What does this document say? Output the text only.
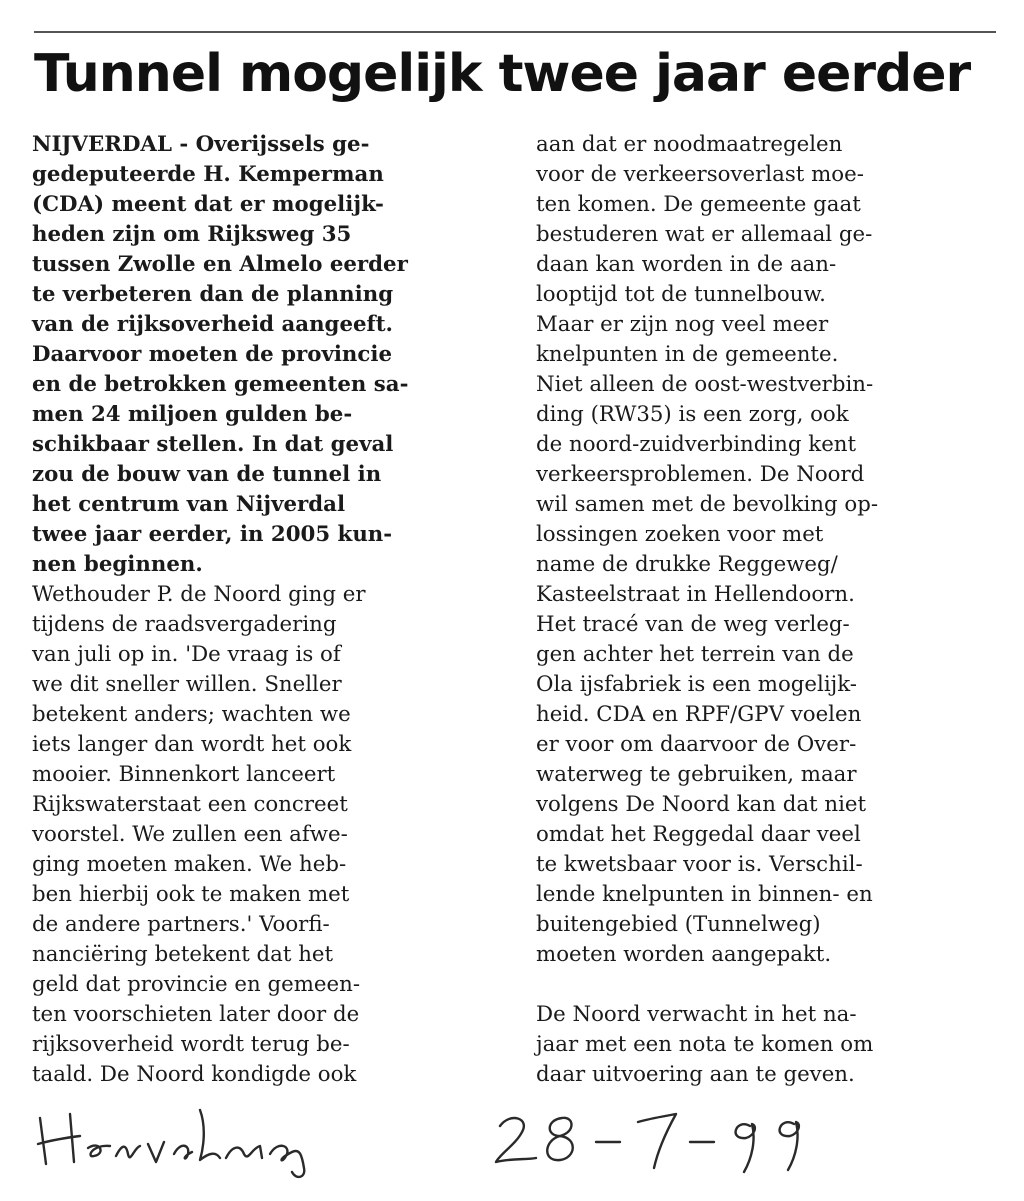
Tunnel mogelijk twee jaar eerder
NIJVERDAL - Overijssels ge-
gedeputeerde H. Kemperman
(CDA) meent dat er mogelijk-
heden zijn om Rijksweg 35
tussen Zwolle en Almelo eerder
te verbeteren dan de planning
van de rijksoverheid aangeeft.
Daarvoor moeten de provincie
en de betrokken gemeenten sa-
men 24 miljoen gulden be-
schikbaar stellen. In dat geval
zou de bouw van de tunnel in
het centrum van Nijverdal
twee jaar eerder, in 2005 kun-
nen beginnen.
Wethouder P. de Noord ging er
tijdens de raadsvergadering
van juli op in. 'De vraag is of
we dit sneller willen. Sneller
betekent anders; wachten we
iets langer dan wordt het ook
mooier. Binnenkort lanceert
Rijkswaterstaat een concreet
voorstel. We zullen een afwe-
ging moeten maken. We heb-
ben hierbij ook te maken met
de andere partners.' Voorfi-
nanciëring betekent dat het
geld dat provincie en gemeen-
ten voorschieten later door de
rijksoverheid wordt terug be-
taald. De Noord kondigde ook
aan dat er noodmaatregelen
voor de verkeersoverlast moe-
ten komen. De gemeente gaat
bestuderen wat er allemaal ge-
daan kan worden in de aan-
looptijd tot de tunnelbouw.
Maar er zijn nog veel meer
knelpunten in de gemeente.
Niet alleen de oost-westverbin-
ding (RW35) is een zorg, ook
de noord-zuidverbinding kent
verkeersproblemen. De Noord
wil samen met de bevolking op-
lossingen zoeken voor met
name de drukke Reggeweg/
Kasteelstraat in Hellendoorn.
Het tracé van de weg verleg-
gen achter het terrein van de
Ola ijsfabriek is een mogelijk-
heid. CDA en RPF/GPV voelen
er voor om daarvoor de Over-
waterweg te gebruiken, maar
volgens De Noord kan dat niet
omdat het Reggedal daar veel
te kwetsbaar voor is. Verschil-
lende knelpunten in binnen- en
buitengebied (Tunnelweg)
moeten worden aangepakt.
De Noord verwacht in het na-
jaar met een nota te komen om
daar uitvoering aan te geven.
